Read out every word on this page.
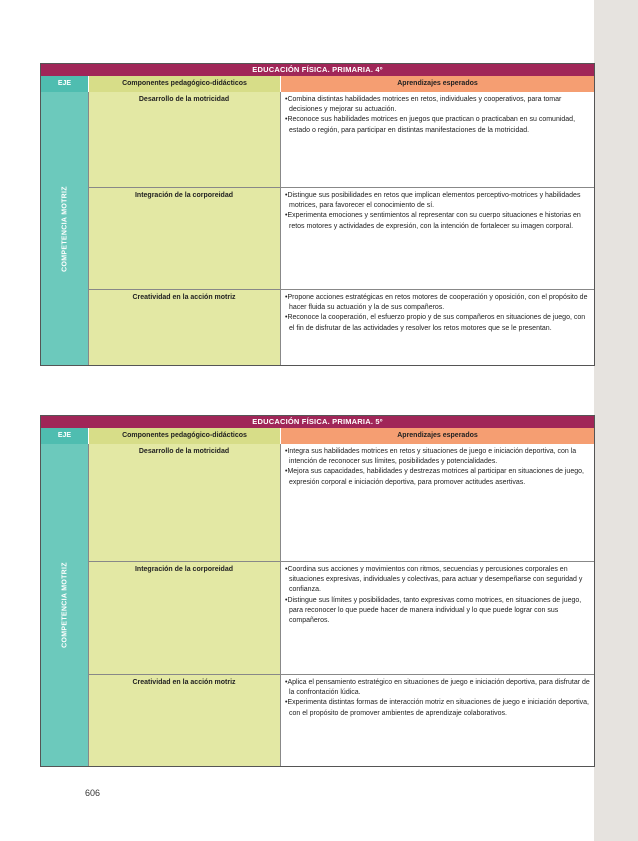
EDUCACIÓN FÍSICA. PRIMARIA. 4º
EJE	Componentes pedagógico-didácticos	Aprendizajes esperados
COMPETENCIA MOTRIZ
Desarrollo de la motricidad	•Combina distintas habilidades motrices en retos, individuales y cooperativos, para tomar decisiones y mejorar su actuación.
•Reconoce sus habilidades motrices en juegos que practican o practicaban en su comunidad, estado o región, para participar en distintas manifestaciones de la motricidad.
Integración de la corporeidad	•Distingue sus posibilidades en retos que implican elementos perceptivo-motrices y habilidades motrices, para favorecer el conocimiento de sí.
•Experimenta emociones y sentimientos al representar con su cuerpo situaciones e historias en retos motores y actividades de expresión, con la intención de fortalecer su imagen corporal.
Creatividad en la acción motriz	•Propone acciones estratégicas en retos motores de cooperación y oposición, con el propósito de hacer fluida su actuación y la de sus compañeros.
•Reconoce la cooperación, el esfuerzo propio y de sus compañeros en situaciones de juego, con el fin de disfrutar de las actividades y resolver los retos motores que se le presentan.
EDUCACIÓN FÍSICA. PRIMARIA. 5º
EJE	Componentes pedagógico-didácticos	Aprendizajes esperados
COMPETENCIA MOTRIZ
Desarrollo de la motricidad	•Integra sus habilidades motrices en retos y situaciones de juego e iniciación deportiva, con la intención de reconocer sus límites, posibilidades y potencialidades.
•Mejora sus capacidades, habilidades y destrezas motrices al participar en situaciones de juego, expresión corporal e iniciación deportiva, para promover actitudes asertivas.
Integración de la corporeidad	•Coordina sus acciones y movimientos con ritmos, secuencias y percusiones corporales en situaciones expresivas, individuales y colectivas, para actuar y desempeñarse con seguridad y confianza.
•Distingue sus límites y posibilidades, tanto expresivas como motrices, en situaciones de juego, para reconocer lo que puede hacer de manera individual y lo que puede lograr con sus compañeros.
Creatividad en la acción motriz	•Aplica el pensamiento estratégico en situaciones de juego e iniciación deportiva, para disfrutar de la confrontación lúdica.
•Experimenta distintas formas de interacción motriz en situaciones de juego e iniciación deportiva, con el propósito de promover ambientes de aprendizaje colaborativos.
606
